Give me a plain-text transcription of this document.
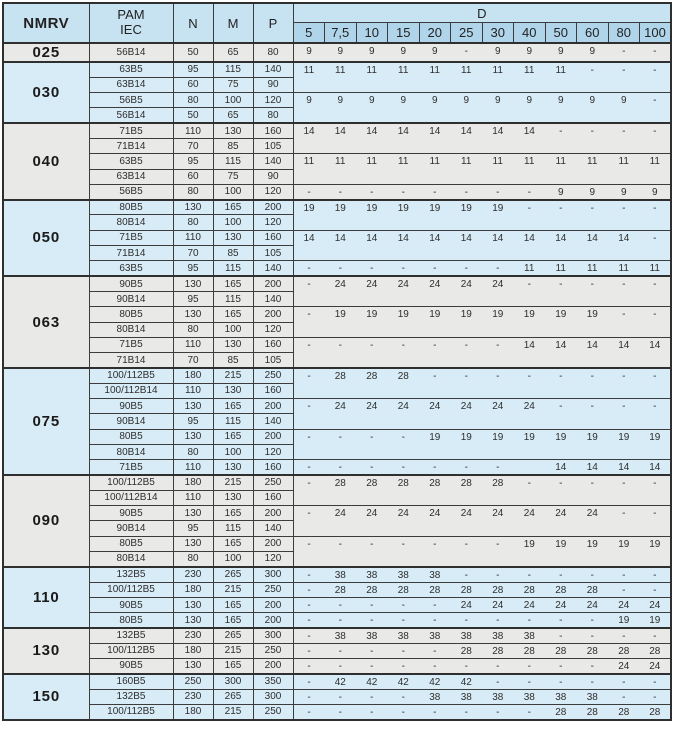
NMRV	PAM
IEC	N	M	P	D											
					5	7,5	10	15	20	25	30	40	50	60	80	100
025	56B14	50	65	80	9	9	9	9	9	-	9	9	9	9	-	-
030	63B5	95	115	140	11	11	11	11	11	11	11	11	11	-	-	-
	63B14	60	75	90												
	56B5	80	100	120	9	9	9	9	9	9	9	9	9	9	9	-
	56B14	50	65	80												
040	71B5	110	130	160	14	14	14	14	14	14	14	14	-	-	-	-
	71B14	70	85	105												
	63B5	95	115	140	11	11	11	11	11	11	11	11	11	11	11	11
	63B14	60	75	90												
	56B5	80	100	120	-	-	-	-	-	-	-	-	9	9	9	9
050	80B5	130	165	200	19	19	19	19	19	19	19	-	-	-	-	-
	80B14	80	100	120												
	71B5	110	130	160	14	14	14	14	14	14	14	14	14	14	14	-
	71B14	70	85	105												
	63B5	95	115	140	-	-	-	-	-	-	-	11	11	11	11	11
063	90B5	130	165	200	-	24	24	24	24	24	24	-	-	-	-	-
	90B14	95	115	140												
	80B5	130	165	200	-	19	19	19	19	19	19	19	19	19	-	-
	80B14	80	100	120												
	71B5	110	130	160	-	-	-	-	-	-	-	14	14	14	14	14
	71B14	70	85	105												
075	100/112B5	180	215	250	-	28	28	28	-	-	-	-	-	-	-	-
	100/112B14	110	130	160												
	90B5	130	165	200	-	24	24	24	24	24	24	24	-	-	-	-
	90B14	95	115	140												
	80B5	130	165	200	-	-	-	-	19	19	19	19	19	19	19	19
	80B14	80	100	120												
	71B5	110	130	160	-	-	-	-	-	-	-		14	14	14	14
090	100/112B5	180	215	250	-	28	28	28	28	28	28	-	-	-	-	-
	100/112B14	110	130	160												
	90B5	130	165	200	-	24	24	24	24	24	24	24	24	24	-	-
	90B14	95	115	140												
	80B5	130	165	200	-	-	-	-	-	-	-	19	19	19	19	19
	80B14	80	100	120												
110	132B5	230	265	300	-	38	38	38	38	-	-	-	-	-	-	-
	100/112B5	180	215	250	-	28	28	28	28	28	28	28	28	28	-	-
	90B5	130	165	200	-	-	-	-	-	24	24	24	24	24	24	24
	80B5	130	165	200	-	-	-	-	-	-	-	-	-	-	19	19
130	132B5	230	265	300	-	38	38	38	38	38	38	38	-	-	-	-
	100/112B5	180	215	250	-	-	-	-	-	28	28	28	28	28	28	28
	90B5	130	165	200	-	-	-	-	-	-	-	-	-	-	24	24
150	160B5	250	300	350	-	42	42	42	42	42	-	-	-	-	-	-
	132B5	230	265	300	-	-	-	-	38	38	38	38	38	38	-	-
	100/112B5	180	215	250	-	-	-	-	-	-	-	-	28	28	28	28
